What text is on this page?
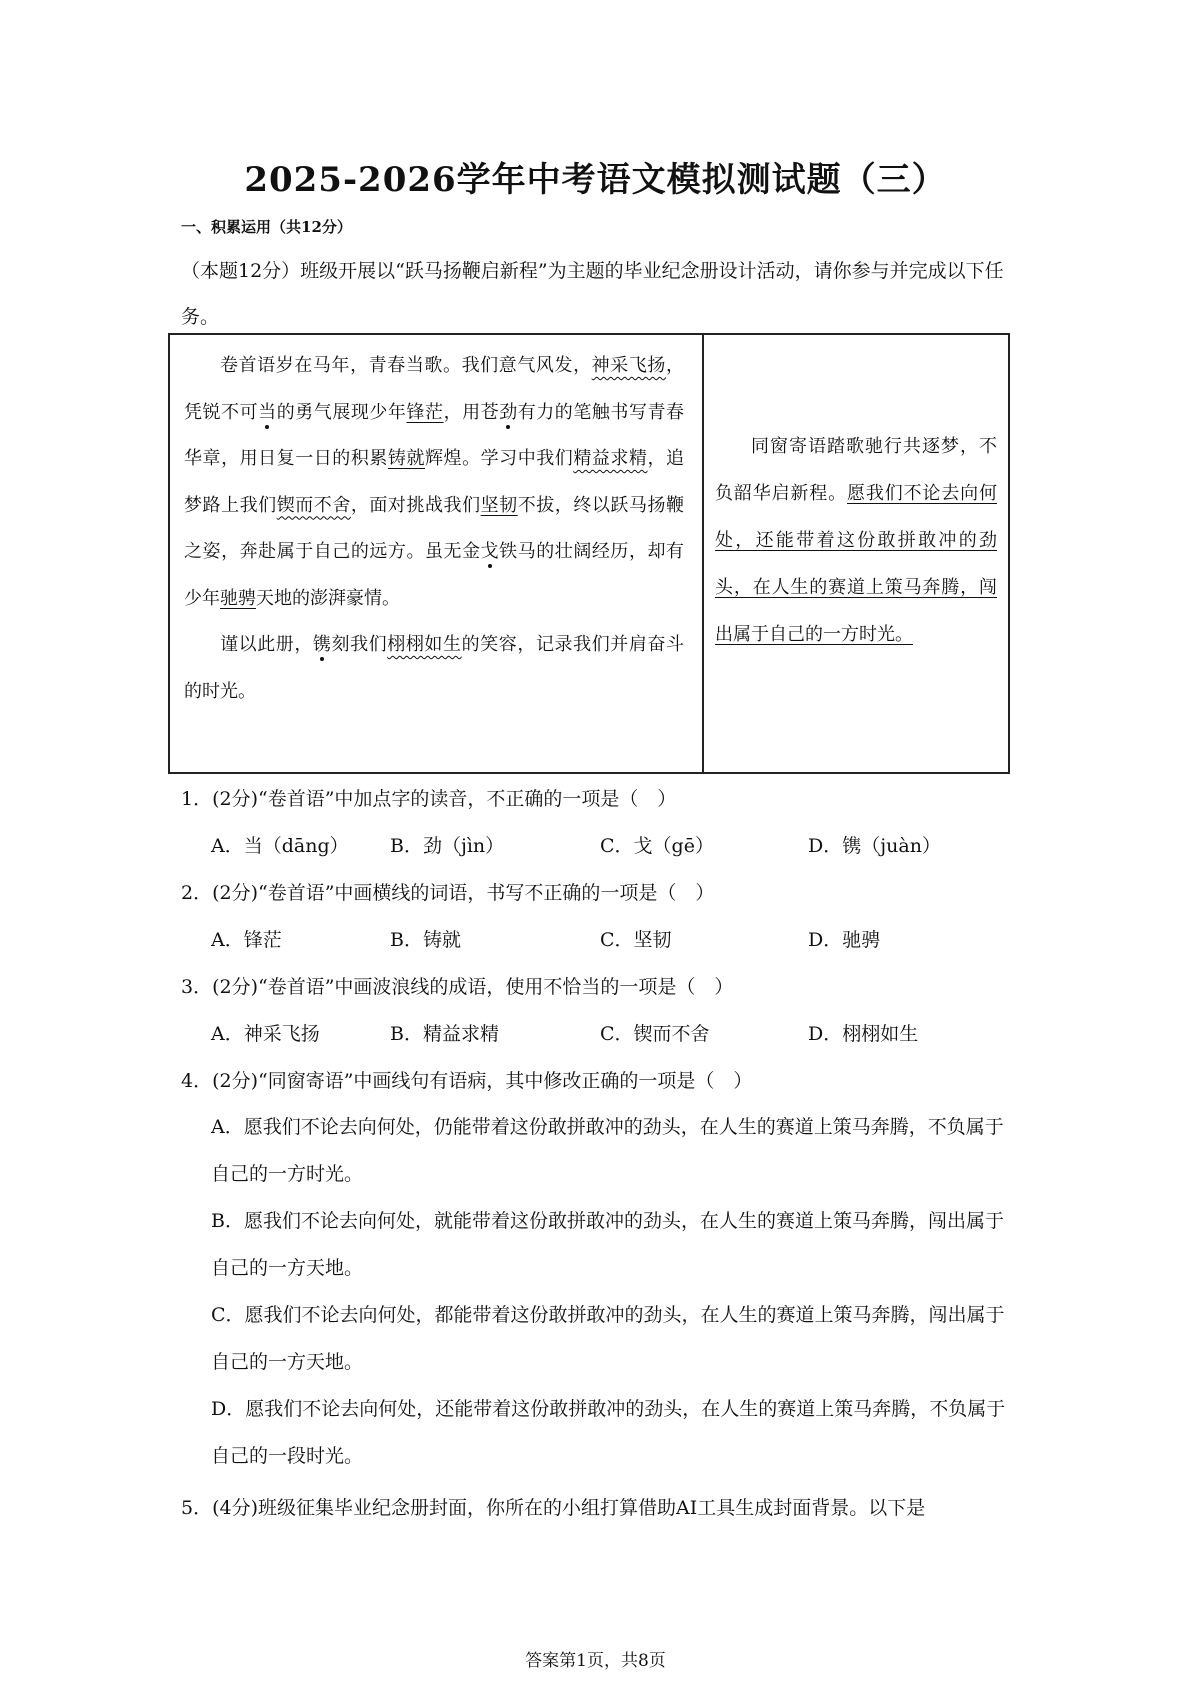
2025-2026学年中考语文模拟测试题（三）
一、积累运用（共12分）
（本题12分）班级开展以“跃马扬鞭启新程”为主题的毕业纪念册设计活动，请你参与并完成以下任务。

卷首语岁在马年，青春当歌。我们意气风发，神采飞扬，凭锐不可当的勇气展现少年锋茫，用苍劲有力的笔触书写青春华章，用日复一日的积累铸就辉煌。学习中我们精益求精，追梦路上我们锲而不舍，面对挑战我们坚韧不拔，终以跃马扬鞭之姿，奔赴属于自己的远方。虽无金戈铁马的壮阔经历，却有少年驰骋天地的澎湃豪情。

谨以此册，镌刻我们栩栩如生的笑容，记录我们并肩奋斗的时光。

同窗寄语踏歌驰行共逐梦，不负韶华启新程。愿我们不论去向何处，还能带着这份敢拼敢冲的劲头，在人生的赛道上策马奔腾，闯出属于自己的一方时光。

1．(2分)“卷首语”中加点字的读音，不正确的一项是（　）
A．当（dāng） B．劲（jìn）	C．戈（gē）	D．镌（juàn）
2．(2分)“卷首语”中画横线的词语，书写不正确的一项是（　）
A．锋茫	B．铸就	C．坚韧	D．驰骋
3．(2分)“卷首语”中画波浪线的成语，使用不恰当的一项是（　）
A．神采飞扬	B．精益求精	C．锲而不舍	D．栩栩如生
4．(2分)“同窗寄语”中画线句有语病，其中修改正确的一项是（　）
A．愿我们不论去向何处，仍能带着这份敢拼敢冲的劲头，在人生的赛道上策马奔腾，不负属于自己的一方时光。
B．愿我们不论去向何处，就能带着这份敢拼敢冲的劲头，在人生的赛道上策马奔腾，闯出属于自己的一方天地。
C．愿我们不论去向何处，都能带着这份敢拼敢冲的劲头，在人生的赛道上策马奔腾，闯出属于自己的一方天地。
D．愿我们不论去向何处，还能带着这份敢拼敢冲的劲头，在人生的赛道上策马奔腾，不负属于自己的一段时光。
5．(4分)班级征集毕业纪念册封面，你所在的小组打算借助AI工具生成封面背景。以下是
答案第1页，共8页
